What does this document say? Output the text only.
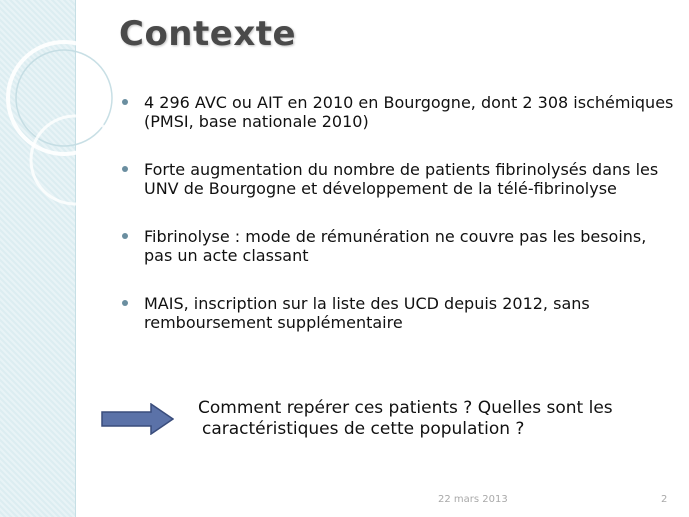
Contexte
4 296 AVC ou AIT en 2010 en Bourgogne, dont 2 308 ischémiques (PMSI, base nationale 2010)
Forte augmentation du nombre de patients fibrinolysés dans les UNV de Bourgogne et développement de la télé-fibrinolyse
Fibrinolyse : mode de rémunération ne couvre pas les besoins, pas un acte classant
MAIS, inscription sur la liste des UCD depuis 2012, sans remboursement supplémentaire
Comment repérer ces patients ? Quelles sont les
caractéristiques de cette population ?
22 mars 2013	2
